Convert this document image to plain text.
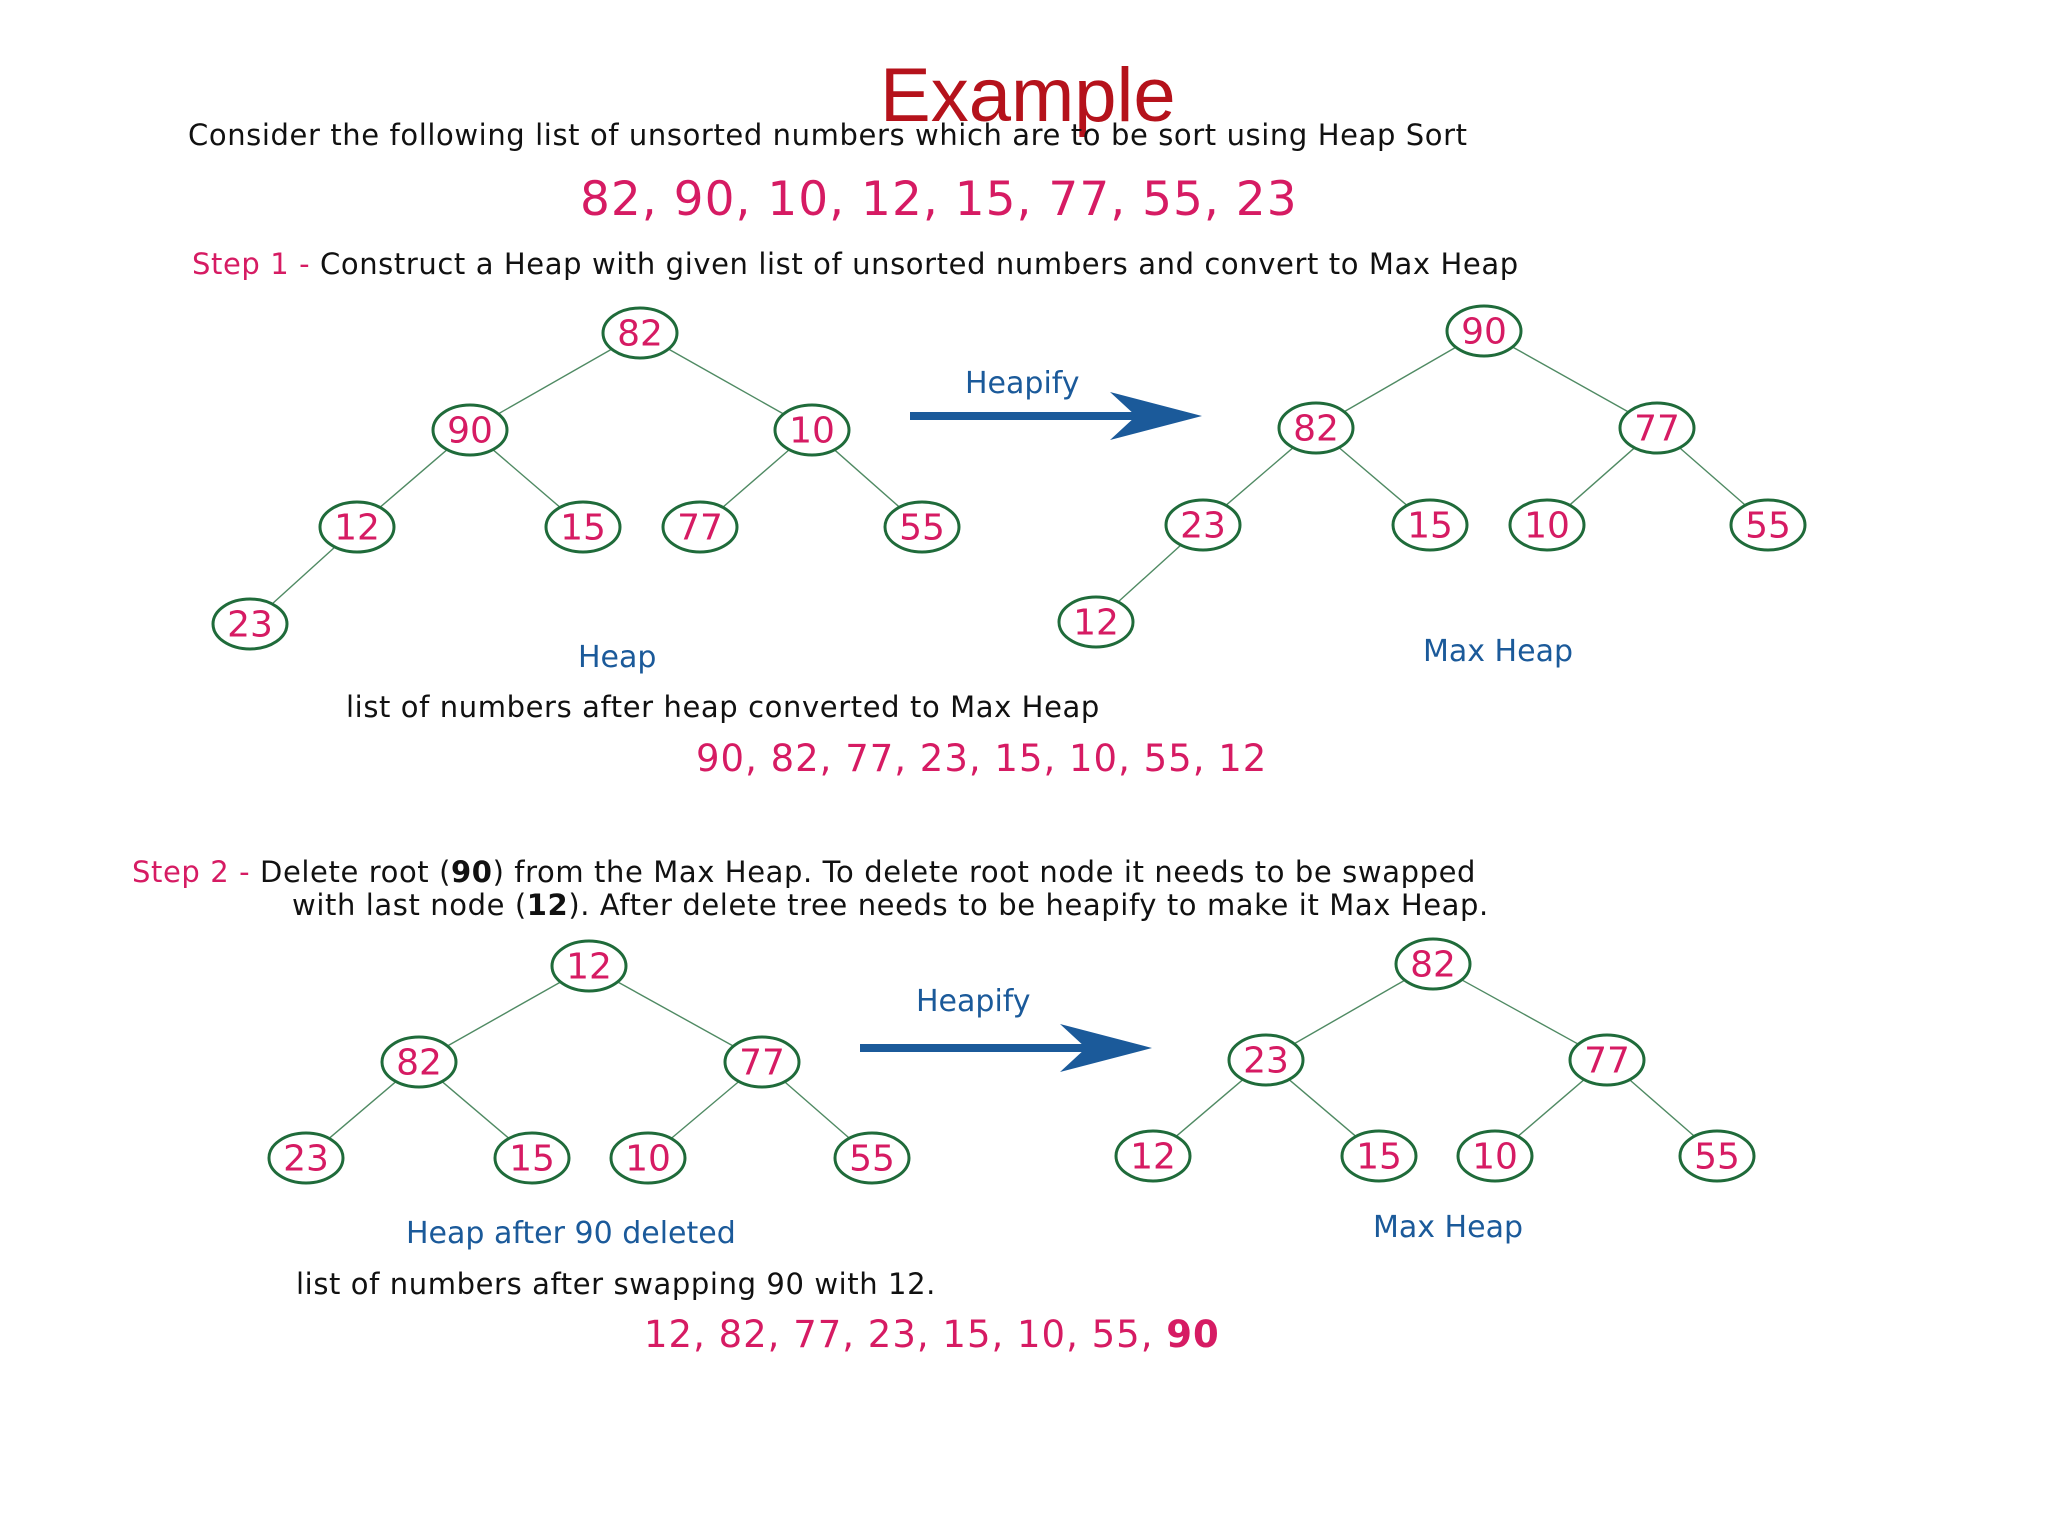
Example
Consider the following list of unsorted numbers which are to be sort using Heap Sort
82, 90, 10, 12, 15, 77, 55, 23
Step 1 - Construct a Heap with given list of unsorted numbers and convert to Max Heap
Heapify
Heap	Max Heap
list of numbers after heap converted to Max Heap
90, 82, 77, 23, 15, 10, 55, 12
Step 2 - Delete root (90) from the Max Heap. To delete root node it needs to be swapped
with last node (12). After delete tree needs to be heapify to make it Max Heap.
Heapify
Heap after 90 deleted	Max Heap
list of numbers after swapping 90 with 12.
12, 82, 77, 23, 15, 10, 55, 90
82
90	10
12	15 77	55
23
90
82	77
23	15 10	55
12
12
82	77
23	15 10	55
82
23	77
12	15 10	55
